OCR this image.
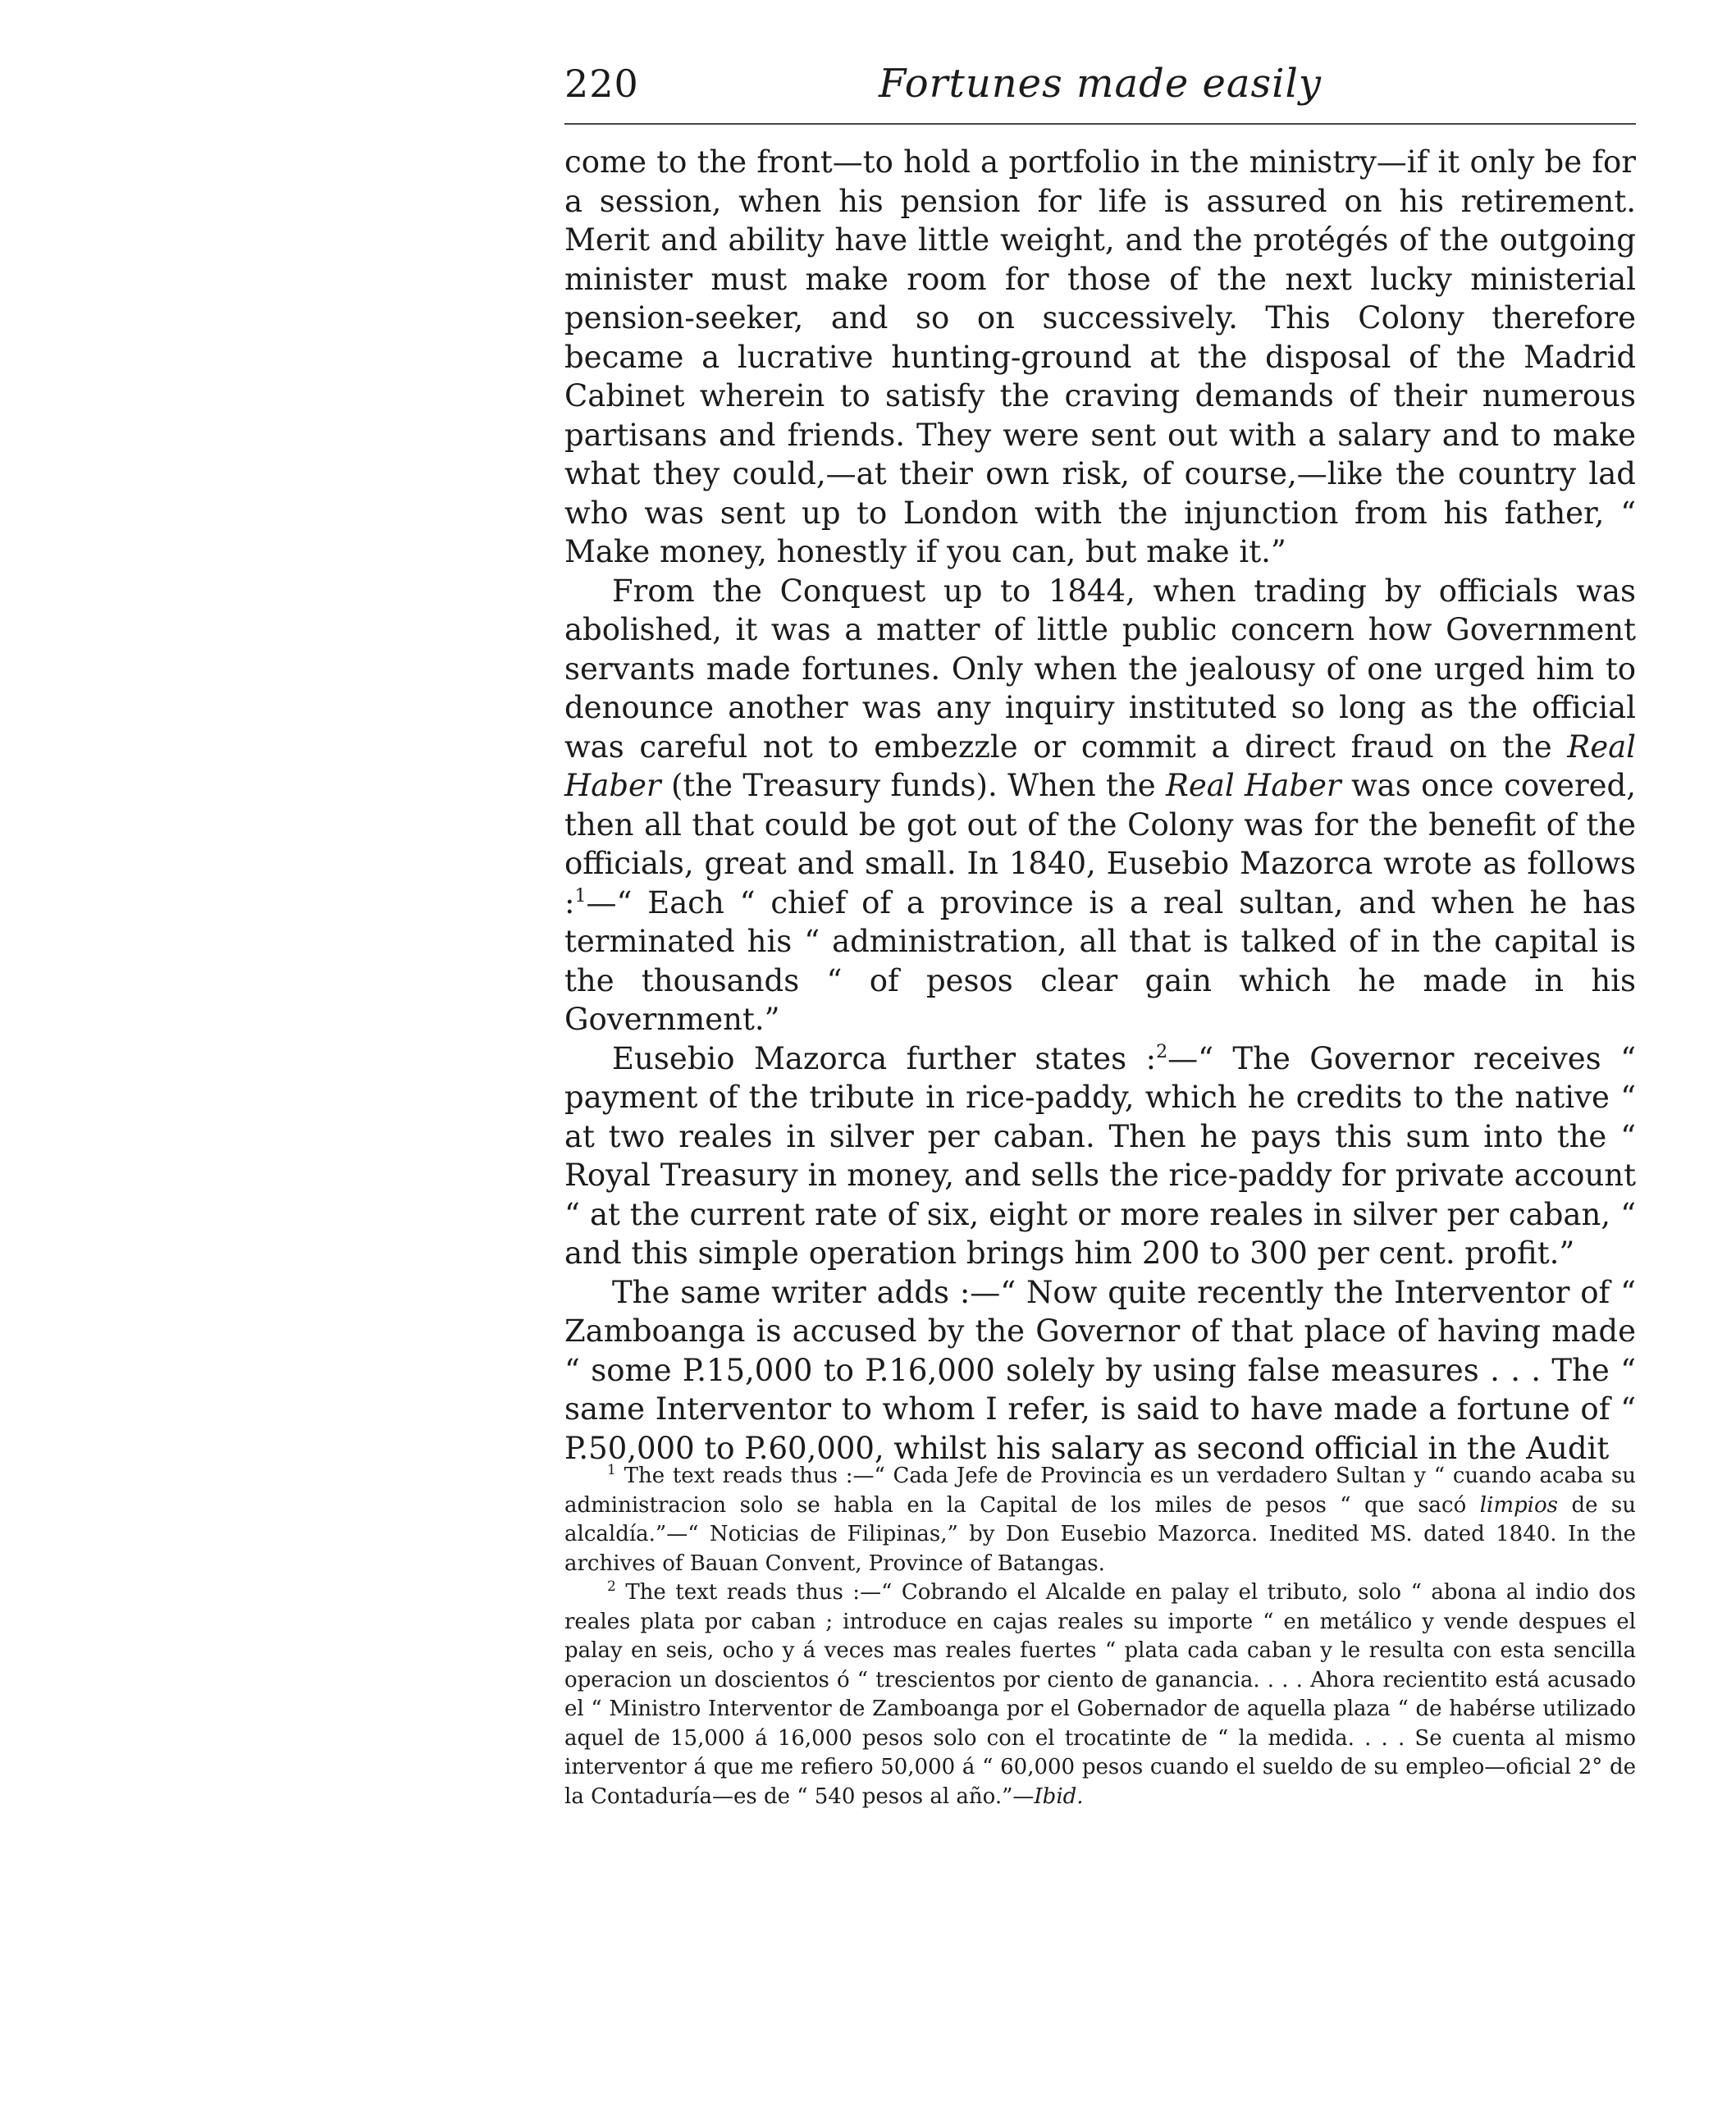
220	Fortunes made easily

come to the front—to hold a portfolio in the ministry—if it only be for a session, when his pension for life is assured on his retirement. Merit and ability have little weight, and the protégés of the outgoing minister must make room for those of the next lucky ministerial pension-seeker, and so on successively. This Colony therefore became a lucrative hunting-ground at the disposal of the Madrid Cabinet wherein to satisfy the craving demands of their numerous partisans and friends. They were sent out with a salary and to make what they could,—at their own risk, of course,—like the country lad who was sent up to London with the injunction from his father, “ Make money, honestly if you can, but make it.”

From the Conquest up to 1844, when trading by officials was abolished, it was a matter of little public concern how Government servants made fortunes. Only when the jealousy of one urged him to denounce another was any inquiry instituted so long as the official was careful not to embezzle or commit a direct fraud on the Real Haber (the Treasury funds). When the Real Haber was once covered, then all that could be got out of the Colony was for the benefit of the officials, great and small. In 1840, Eusebio Mazorca wrote as follows :$^1$—“ Each “ chief of a province is a real sultan, and when he has terminated his “ administration, all that is talked of in the capital is the thousands “ of pesos clear gain which he made in his Government.”

Eusebio Mazorca further states :$^2$—“ The Governor receives “ payment of the tribute in rice-paddy, which he credits to the native “ at two reales in silver per caban. Then he pays this sum into the “ Royal Treasury in money, and sells the rice-paddy for private account “ at the current rate of six, eight or more reales in silver per caban, “ and this simple operation brings him 200 to 300 per cent. profit.”

The same writer adds :—“ Now quite recently the Interventor of “ Zamboanga is accused by the Governor of that place of having made “ some P.15,000 to P.16,000 solely by using false measures . . . The “ same Interventor to whom I refer, is said to have made a fortune of “ P.50,000 to P.60,000, whilst his salary as second official in the Audit

$^1$ The text reads thus :—“ Cada Jefe de Provincia es un verdadero Sultan y “ cuando acaba su administracion solo se habla en la Capital de los miles de pesos “ que sacó limpios de su alcaldía.”—“ Noticias de Filipinas,” by Don Eusebio Mazorca. Inedited MS. dated 1840. In the archives of Bauan Convent, Province of Batangas.

$^2$ The text reads thus :—“ Cobrando el Alcalde en palay el tributo, solo “ abona al indio dos reales plata por caban ; introduce en cajas reales su importe “ en metálico y vende despues el palay en seis, ocho y á veces mas reales fuertes “ plata cada caban y le resulta con esta sencilla operacion un doscientos ó “ trescientos por ciento de ganancia. . . . Ahora recientito está acusado el “ Ministro Interventor de Zamboanga por el Gobernador de aquella plaza “ de habérse utilizado aquel de 15,000 á 16,000 pesos solo con el trocatinte de “ la medida. . . . Se cuenta al mismo interventor á que me refiero 50,000 á “ 60,000 pesos cuando el sueldo de su empleo—oficial 2° de la Contaduría—es de “ 540 pesos al año.”—Ibid.
